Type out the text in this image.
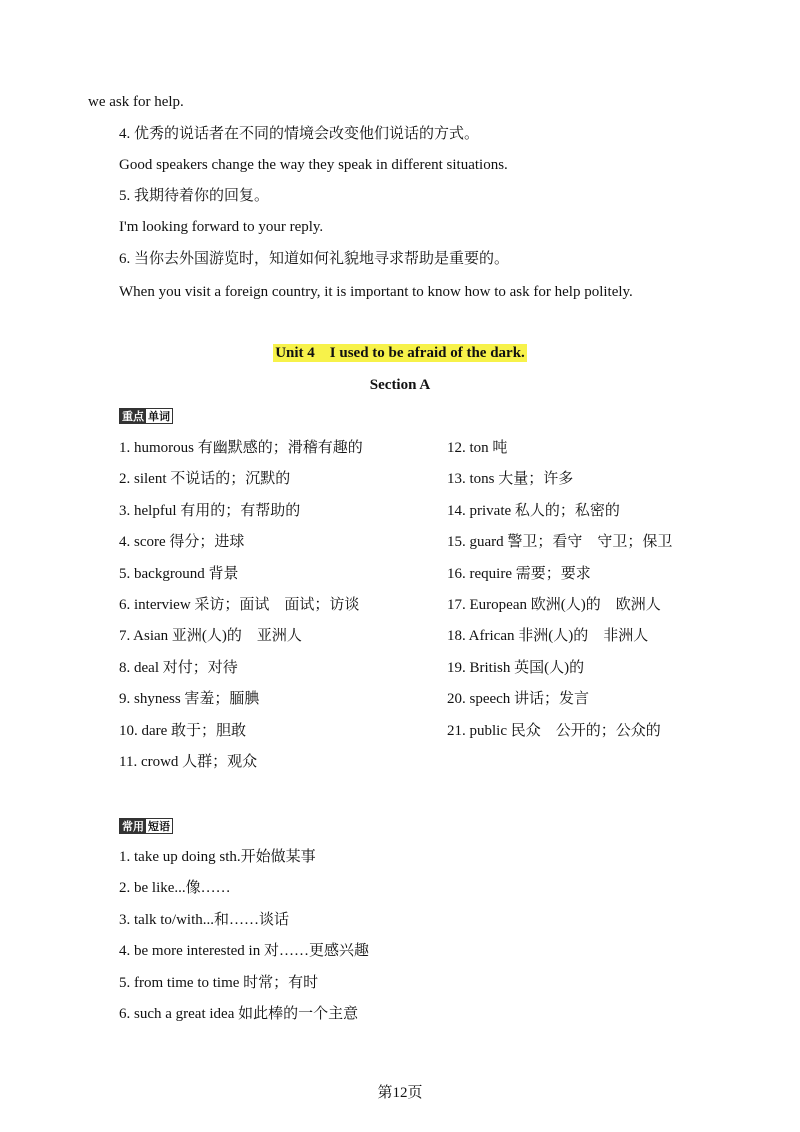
we ask for help.
4. 优秀的说话者在不同的情境会改变他们说话的方式。
Good speakers change the way they speak in different situations.
5. 我期待着你的回复。
I'm looking forward to your reply.
6. 当你去外国游览时，知道如何礼貌地寻求帮助是重要的。
When you visit a foreign country, it is important to know how to ask for help politely.
Unit 4　I used to be afraid of the dark.
Section A
重点 单词
1. humorous 有幽默感的；滑稽有趣的
2. silent 不说话的；沉默的
3. helpful 有用的；有帮助的
4. score 得分；进球
5. background 背景
6. interview 采访；面试　面试；访谈
7. Asian 亚洲(人)的　亚洲人
8. deal 对付；对待
9. shyness 害羞；腼腆
10. dare 敢于；胆敢
11. crowd 人群；观众
12. ton 吨
13. tons 大量；许多
14. private 私人的；私密的
15. guard 警卫；看守　守卫；保卫
16. require 需要；要求
17. European 欧洲(人)的　欧洲人
18. African 非洲(人)的　非洲人
19. British 英国(人)的
20. speech 讲话；发言
21. public 民众　公开的；公众的
常用 短语
1. take up doing sth.开始做某事
2. be like...像……
3. talk to/with...和……谈话
4. be more interested in 对……更感兴趣
5. from time to time 时常；有时
6. such a great idea 如此棒的一个主意
第12页
